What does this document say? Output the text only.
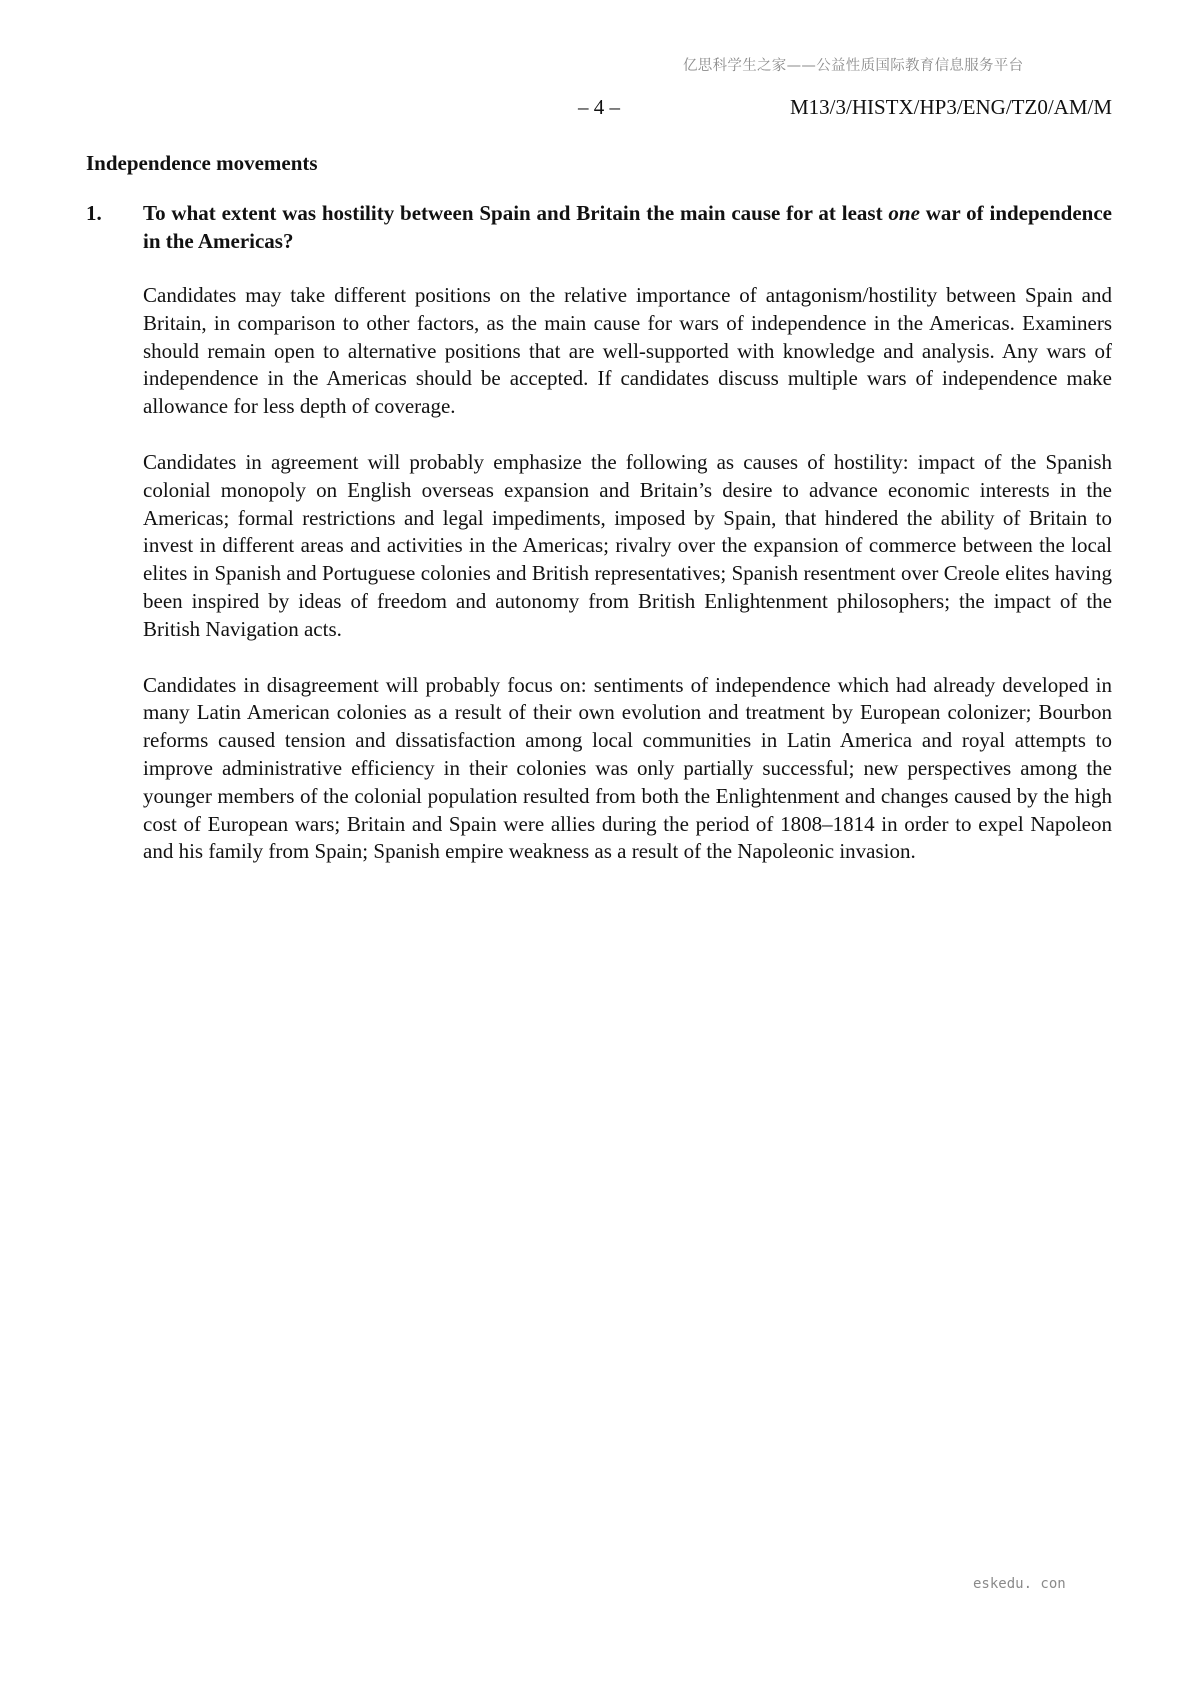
亿思科学生之家——公益性质国际教育信息服务平台
– 4 –	M13/3/HISTX/HP3/ENG/TZ0/AM/M
Independence movements
1. To what extent was hostility between Spain and Britain the main cause for at least one war of independence in the Americas?

Candidates may take different positions on the relative importance of antagonism/hostility between Spain and Britain, in comparison to other factors, as the main cause for wars of independence in the Americas. Examiners should remain open to alternative positions that are well-supported with knowledge and analysis. Any wars of independence in the Americas should be accepted. If candidates discuss multiple wars of independence make allowance for less depth of coverage.

Candidates in agreement will probably emphasize the following as causes of hostility: impact of the Spanish colonial monopoly on English overseas expansion and Britain’s desire to advance economic interests in the Americas; formal restrictions and legal impediments, imposed by Spain, that hindered the ability of Britain to invest in different areas and activities in the Americas; rivalry over the expansion of commerce between the local elites in Spanish and Portuguese colonies and British representatives; Spanish resentment over Creole elites having been inspired by ideas of freedom and autonomy from British Enlightenment philosophers; the impact of the British Navigation acts.

Candidates in disagreement will probably focus on: sentiments of independence which had already developed in many Latin American colonies as a result of their own evolution and treatment by European colonizer; Bourbon reforms caused tension and dissatisfaction among local communities in Latin America and royal attempts to improve administrative efficiency in their colonies was only partially successful; new perspectives among the younger members of the colonial population resulted from both the Enlightenment and changes caused by the high cost of European wars; Britain and Spain were allies during the period of 1808–1814 in order to expel Napoleon and his family from Spain; Spanish empire weakness as a result of the Napoleonic invasion.

eskedu. con
